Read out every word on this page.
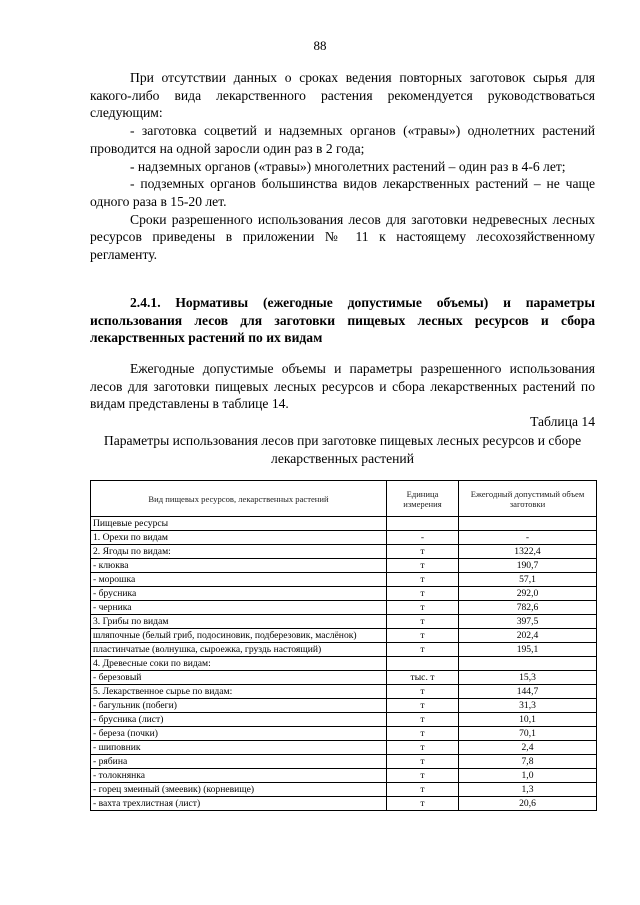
88

При отсутствии данных о сроках ведения повторных заготовок сырья для какого-либо вида лекарственного растения рекомендуется руководствоваться следующим:

- заготовка соцветий и надземных органов («травы») однолетних растений проводится на одной заросли один раз в 2 года;

- надземных органов («травы») многолетних растений – один раз в 4-6 лет;

- подземных органов большинства видов лекарственных растений – не чаще одного раза в 15-20 лет.

Сроки разрешенного использования лесов для заготовки недревесных лесных ресурсов приведены в приложении № 11 к настоящему лесохозяйственному регламенту.

2.4.1. Нормативы (ежегодные допустимые объемы) и параметры использования лесов для заготовки пищевых лесных ресурсов и сбора лекарственных растений по их видам

Ежегодные допустимые объемы и параметры разрешенного использования лесов для заготовки пищевых лесных ресурсов и сбора лекарственных растений по видам представлены в таблице 14.

Таблица 14
Параметры использования лесов при заготовке пищевых лесных ресурсов и сборе лекарственных растений
Вид пищевых ресурсов, лекарственных растений	Единица измерения	Ежегодный допустимый объем заготовки
Пищевые ресурсы		
1. Орехи по видам	-	-
2. Ягоды по видам:	т	1322,4
- клюква	т	190,7
- морошка	т	57,1
- брусника	т	292,0
- черника	т	782,6
3. Грибы по видам	т	397,5
шляпочные (белый гриб, подосиновик, подберезовик, маслёнок)	т	202,4
пластинчатые (волнушка, сыроежка, груздь настоящий)	т	195,1
4. Древесные соки по видам:		
- березовый	тыс. т	15,3
5. Лекарственное сырье по видам:	т	144,7
- багульник (побеги)	т	31,3
- брусника (лист)	т	10,1
- береза (почки)	т	70,1
- шиповник	т	2,4
- рябина	т	7,8
- толокнянка	т	1,0
- горец змеиный (змеевик) (корневище)	т	1,3
- вахта трехлистная (лист)	т	20,6
